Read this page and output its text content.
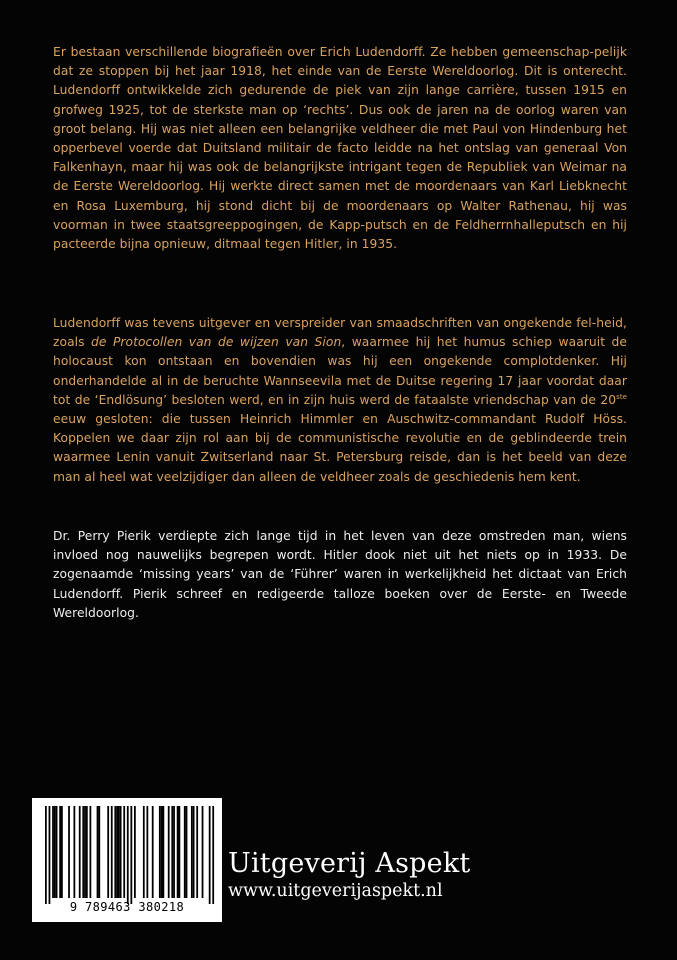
Er bestaan verschillende biografieën over Erich Ludendorff. Ze hebben gemeenschap-pelijk dat ze stoppen bij het jaar 1918, het einde van de Eerste Wereldoorlog. Dit is onterecht. Ludendorff ontwikkelde zich gedurende de piek van zijn lange carrière, tussen 1915 en grofweg 1925, tot de sterkste man op ‘rechts’. Dus ook de jaren na de oorlog waren van groot belang. Hij was niet alleen een belangrijke veldheer die met Paul von Hindenburg het opperbevel voerde dat Duitsland militair de facto leidde na het ontslag van generaal Von Falkenhayn, maar hij was ook de belangrijkste intrigant tegen de Republiek van Weimar na de Eerste Wereldoorlog. Hij werkte direct samen met de moordenaars van Karl Liebknecht en Rosa Luxemburg, hij stond dicht bij de moordenaars op Walter Rathenau, hij was voorman in twee staatsgreeppogingen, de Kapp-putsch en de Feldherrnhalleputsch en hij pacteerde bijna opnieuw, ditmaal tegen Hitler, in 1935.

Ludendorff was tevens uitgever en verspreider van smaadschriften van ongekende fel-heid, zoals de Protocollen van de wijzen van Sion, waarmee hij het humus schiep waaruit de holocaust kon ontstaan en bovendien was hij een ongekende complotdenker. Hij onderhandelde al in de beruchte Wannseevila met de Duitse regering 17 jaar voordat daar tot de ‘Endlösung’ besloten werd, en in zijn huis werd de fataalste vriendschap van de 20ste eeuw gesloten: die tussen Heinrich Himmler en Auschwitz-commandant Rudolf Höss. Koppelen we daar zijn rol aan bij de communistische revolutie en de geblindeerde trein waarmee Lenin vanuit Zwitserland naar St. Petersburg reisde, dan is het beeld van deze man al heel wat veelzijdiger dan alleen de veldheer zoals de geschiedenis hem kent.

Dr. Perry Pierik verdiepte zich lange tijd in het leven van deze omstreden man, wiens invloed nog nauwelijks begrepen wordt. Hitler dook niet uit het niets op in 1933. De zogenaamde ‘missing years’ van de ‘Führer’ waren in werkelijkheid het dictaat van Erich Ludendorff. Pierik schreef en redigeerde talloze boeken over de Eerste- en Tweede Wereldoorlog.

9 789463 380218
Uitgeverij Aspekt
www.uitgeverijaspekt.nl
